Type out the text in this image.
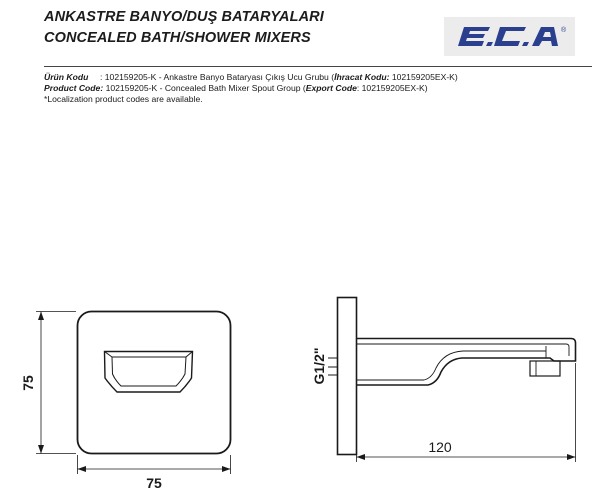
ANKASTRE BANYO/DUŞ BATARYALARI
CONCEALED BATH/SHOWER MIXERS	®
Ürün Kodu : 102159205-K - Ankastre Banyo Bataryası Çıkış Ucu Grubu (İhracat Kodu: 102159205EX-K)
Product Code: 102159205-K - Concealed Bath Mixer Spout Group (Export Code: 102159205EX-K)
*Localization product codes are available.
75
75
G1/2"
120
